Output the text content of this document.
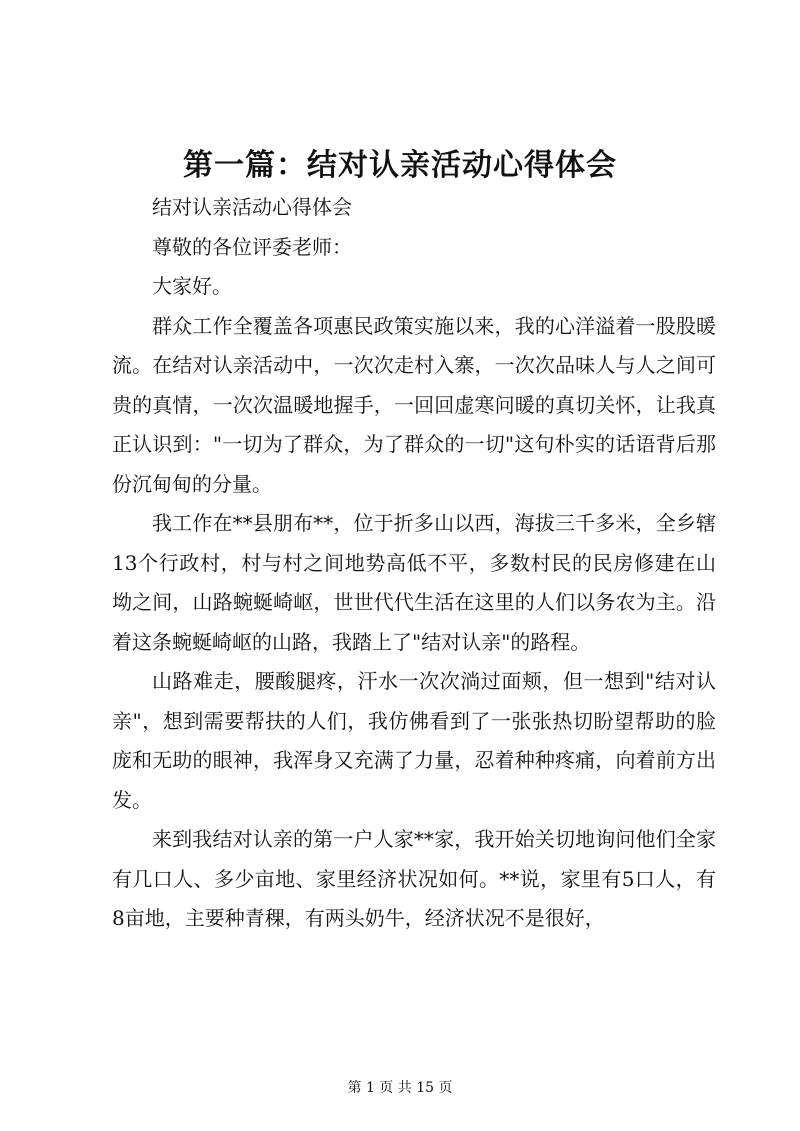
第一篇：结对认亲活动心得体会

结对认亲活动心得体会

尊敬的各位评委老师：

大家好。

群众工作全覆盖各项惠民政策实施以来，我的心洋溢着一股股暖流。在结对认亲活动中，一次次走村入寨，一次次品味人与人之间可贵的真情，一次次温暖地握手，一回回虚寒问暖的真切关怀，让我真正认识到："一切为了群众，为了群众的一切"这句朴实的话语背后那份沉甸甸的分量。

我工作在**县朋布**，位于折多山以西，海拔三千多米，全乡辖13个行政村，村与村之间地势高低不平，多数村民的民房修建在山坳之间，山路蜿蜒崎岖，世世代代生活在这里的人们以务农为主。沿着这条蜿蜒崎岖的山路，我踏上了"结对认亲"的路程。

山路难走，腰酸腿疼，汗水一次次淌过面颊，但一想到"结对认亲"，想到需要帮扶的人们，我仿佛看到了一张张热切盼望帮助的脸庞和无助的眼神，我浑身又充满了力量，忍着种种疼痛，向着前方出发。

来到我结对认亲的第一户人家**家，我开始关切地询问他们全家有几口人、多少亩地、家里经济状况如何。**说，家里有5口人，有8亩地，主要种青稞，有两头奶牛，经济状况不是很好，

第 1 页 共 15 页
